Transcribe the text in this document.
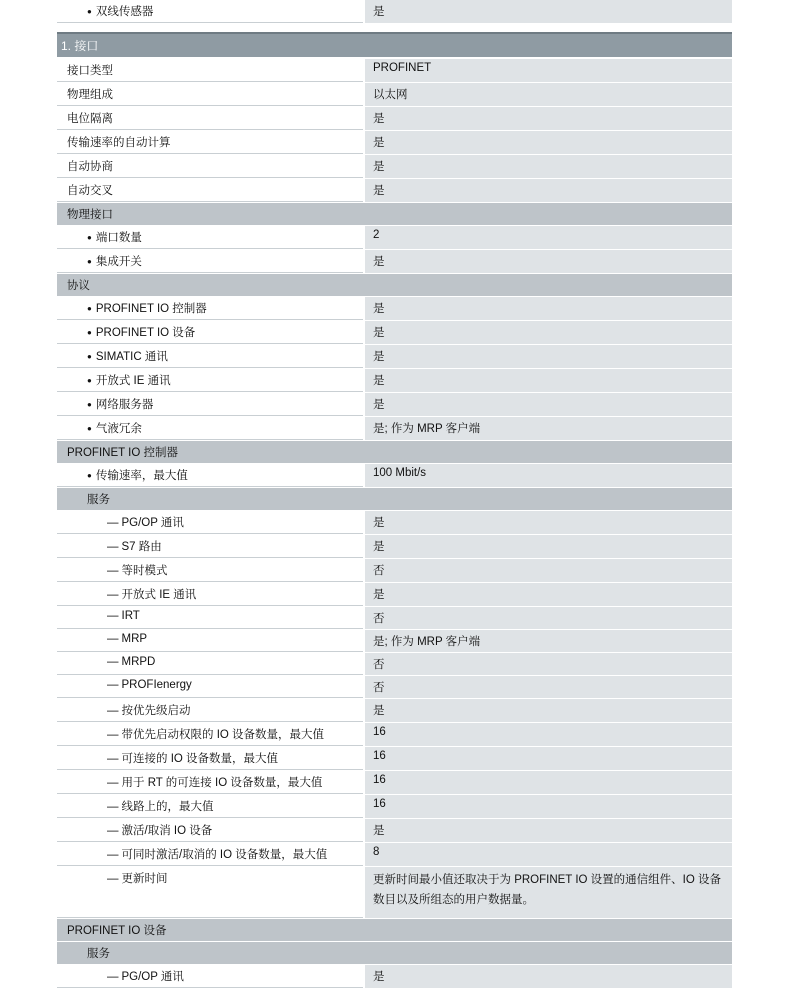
● 双线传感器	是
1. 接口
接口类型	PROFINET
物理组成	以太网
电位隔离	是
传输速率的自动计算	是
自动协商	是
自动交叉	是
物理接口
● 端口数量	2
● 集成开关	是
协议
● PROFINET IO 控制器	是
● PROFINET IO 设备	是
● SIMATIC 通讯	是
● 开放式 IE 通讯	是
● 网络服务器	是
● 气液冗余	是; 作为 MRP 客户端
PROFINET IO 控制器
● 传输速率，最大值	100 Mbit/s
服务
— PG/OP 通讯	是
— S7 路由	是
— 等时模式	否
— 开放式 IE 通讯	是
— IRT	否
— MRP	是; 作为 MRP 客户端
— MRPD	否
— PROFIenergy	否
— 按优先级启动	是
— 带优先启动权限的 IO 设备数量，最大值	16
— 可连接的 IO 设备数量，最大值	16
— 用于 RT 的可连接 IO 设备数量，最大值	16
— 线路上的，最大值	16
— 激活/取消 IO 设备	是
— 可同时激活/取消的 IO 设备数量，最大值	8
— 更新时间	更新时间最小值还取决于为 PROFINET IO 设置的通信组件、IO 设备数目以及所组态的用户数据量。
PROFINET IO 设备
服务
— PG/OP 通讯	是
